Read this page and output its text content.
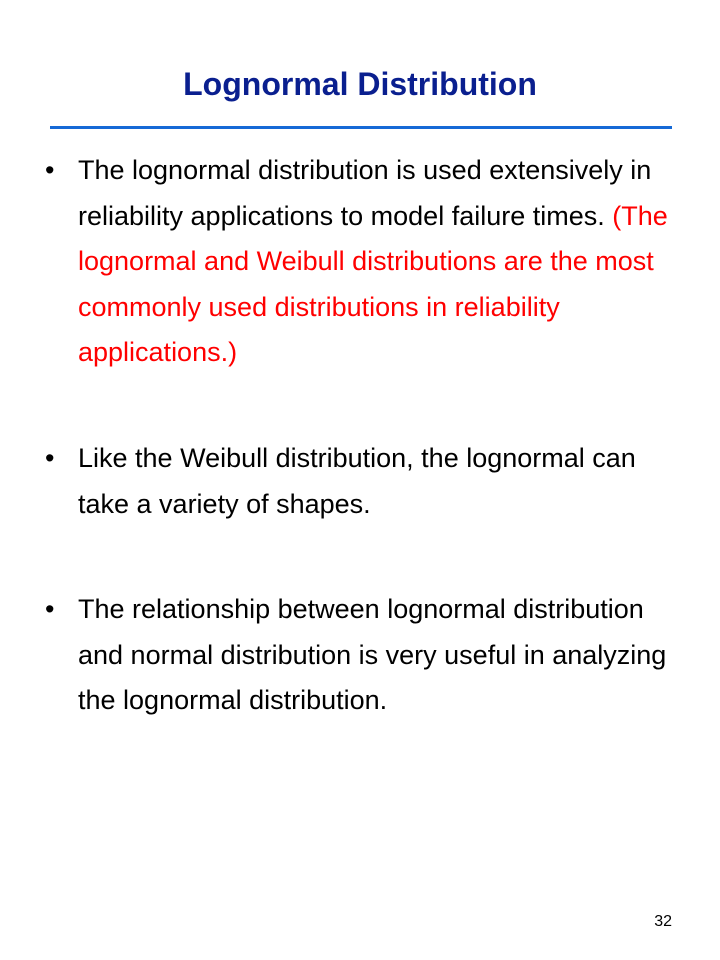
Lognormal Distribution
• The lognormal distribution is used extensively in reliability applications to model failure times. (The lognormal and Weibull distributions are the most commonly used distributions in reliability applications.)
• Like the Weibull distribution, the lognormal can take a variety of shapes.
• The relationship between lognormal distribution and normal distribution is very useful in analyzing the lognormal distribution.
32
